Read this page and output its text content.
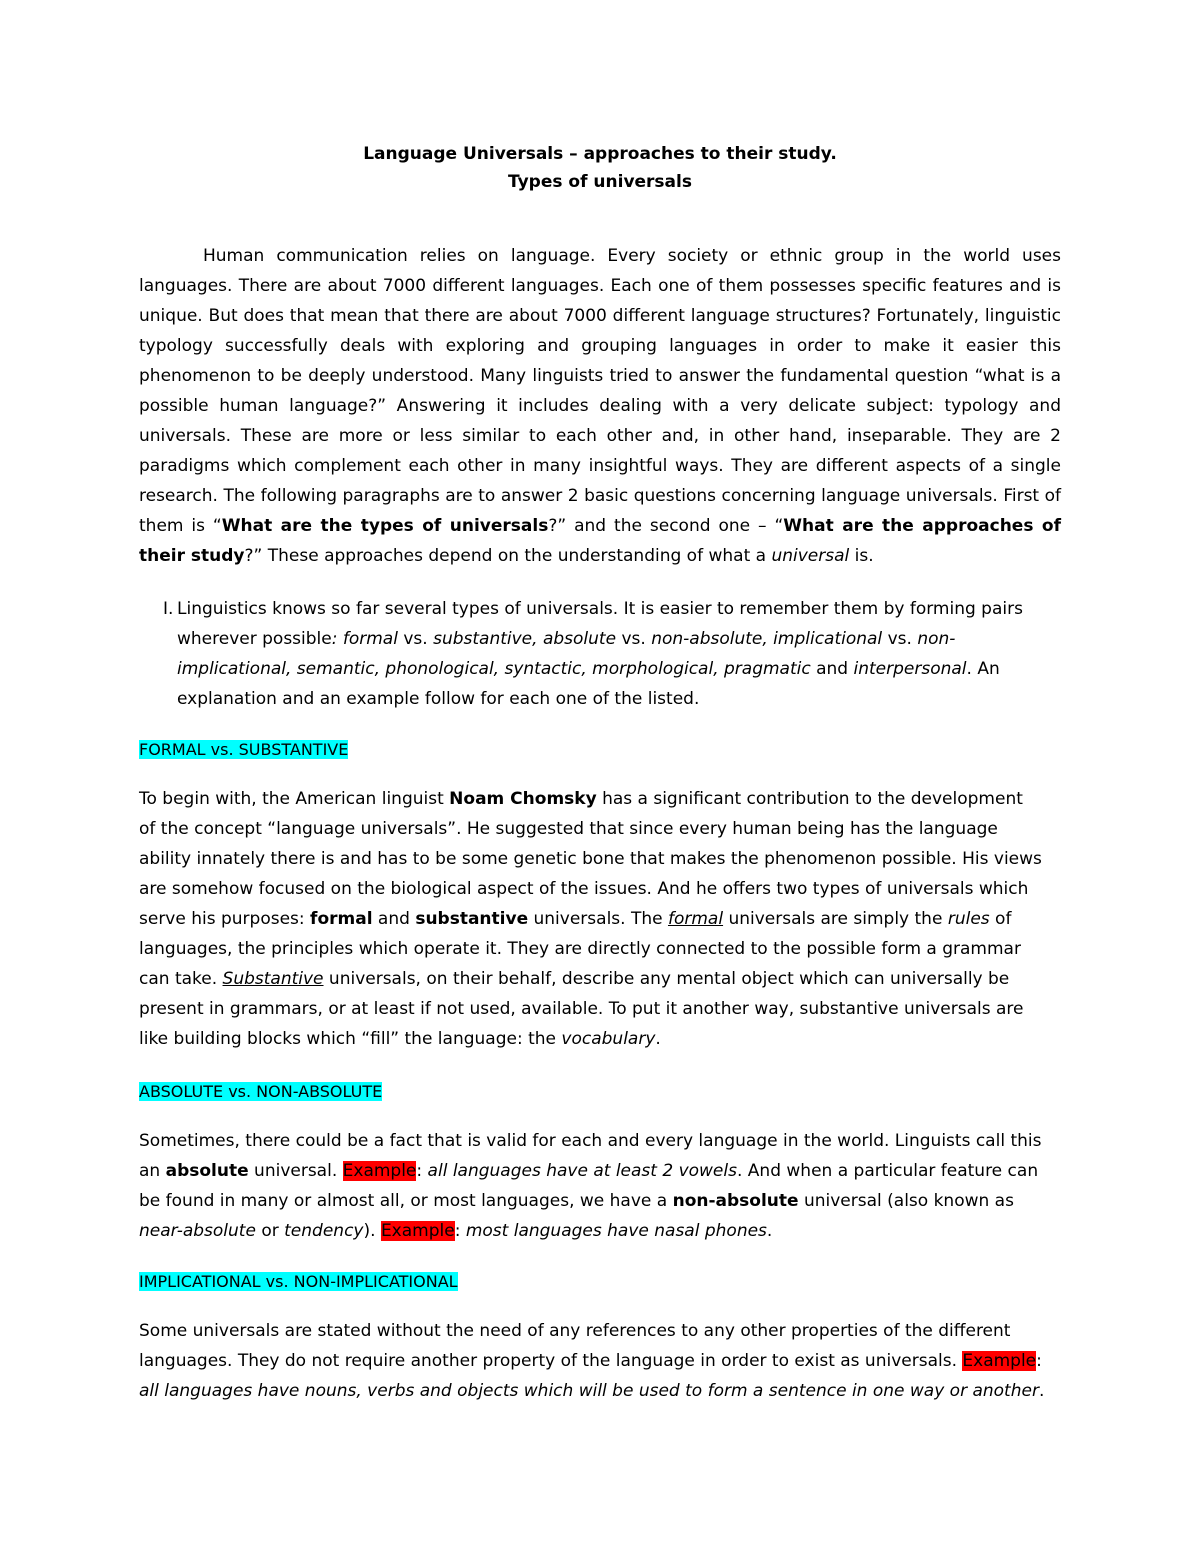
Language Universals – approaches to their study.
Types of universals

Human communication relies on language. Every society or ethnic group in the world uses languages. There are about 7000 different languages. Each one of them possesses specific features and is unique. But does that mean that there are about 7000 different language structures? Fortunately, linguistic typology successfully deals with exploring and grouping languages in order to make it easier this phenomenon to be deeply understood. Many linguists tried to answer the fundamental question “what is a possible human language?” Answering it includes dealing with a very delicate subject: typology and universals. These are more or less similar to each other and, in other hand, inseparable. They are 2 paradigms which complement each other in many insightful ways. They are different aspects of a single research. The following paragraphs are to answer 2 basic questions concerning language universals. First of them is “What are the types of universals?” and the second one – “What are the approaches of their study?” These approaches depend on the understanding of what a universal is.

I. Linguistics knows so far several types of universals. It is easier to remember them by forming pairs wherever possible: formal vs. substantive, absolute vs. non-absolute, implicational vs. non-implicational, semantic, phonological, syntactic, morphological, pragmatic and interpersonal. An explanation and an example follow for each one of the listed.

FORMAL vs. SUBSTANTIVE

To begin with, the American linguist Noam Chomsky has a significant contribution to the development of the concept “language universals”. He suggested that since every human being has the language ability innately there is and has to be some genetic bone that makes the phenomenon possible. His views are somehow focused on the biological aspect of the issues. And he offers two types of universals which serve his purposes: formal and substantive universals. The formal universals are simply the rules of languages, the principles which operate it. They are directly connected to the possible form a grammar can take. Substantive universals, on their behalf, describe any mental object which can universally be present in grammars, or at least if not used, available. To put it another way, substantive universals are like building blocks which “fill” the language: the vocabulary.

ABSOLUTE vs. NON-ABSOLUTE

Sometimes, there could be a fact that is valid for each and every language in the world. Linguists call this an absolute universal. Example: all languages have at least 2 vowels. And when a particular feature can be found in many or almost all, or most languages, we have a non-absolute universal (also known as near-absolute or tendency). Example: most languages have nasal phones.

IMPLICATIONAL vs. NON-IMPLICATIONAL

Some universals are stated without the need of any references to any other properties of the different languages. They do not require another property of the language in order to exist as universals. Example: all languages have nouns, verbs and objects which will be used to form a sentence in one way or another.
